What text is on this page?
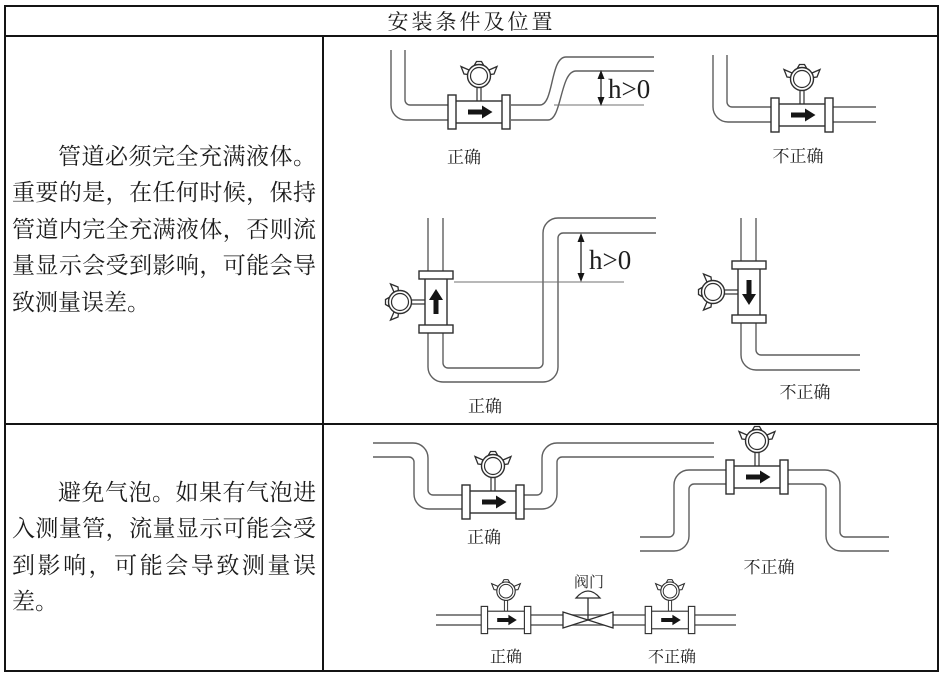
安装条件及位置

管道必须完全充满液体。重要的是，在任何时候，保持管道内完全充满液体，否则流量显示会受到影响，可能会导致测量误差。

h>0
正确	不正确
h>0
正确
不正确

避免气泡。如果有气泡进入测量管，流量显示可能会受到影响，可能会导致测量误差。

正确
不正确
阀门
正确	不正确
